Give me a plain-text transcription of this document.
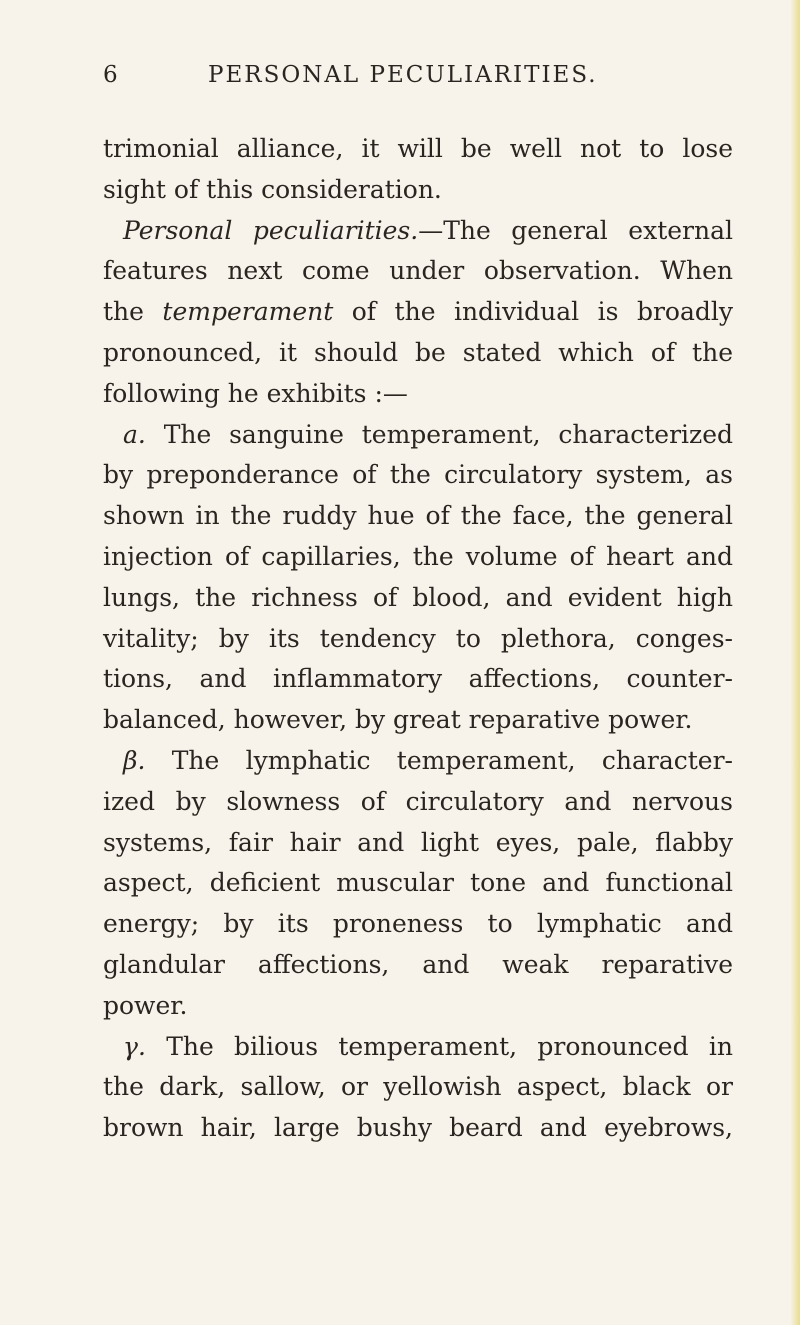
6	PERSONAL PECULIARITIES.
trimonial alliance, it will be well not to lose
sight of this consideration.
Personal peculiarities.—The general external
features next come under observation. When
the temperament of the individual is broadly
pronounced, it should be stated which of the
following he exhibits :—
a. The sanguine temperament, characterized
by preponderance of the circulatory system, as
shown in the ruddy hue of the face, the general
injection of capillaries, the volume of heart and
lungs, the richness of blood, and evident high
vitality; by its tendency to plethora, conges-
tions, and inflammatory affections, counter-
balanced, however, by great reparative power.
β. The lymphatic temperament, character-
ized by slowness of circulatory and nervous
systems, fair hair and light eyes, pale, flabby
aspect, deficient muscular tone and functional
energy; by its proneness to lymphatic and
glandular affections, and weak reparative
power.
γ. The bilious temperament, pronounced in
the dark, sallow, or yellowish aspect, black or
brown hair, large bushy beard and eyebrows,
